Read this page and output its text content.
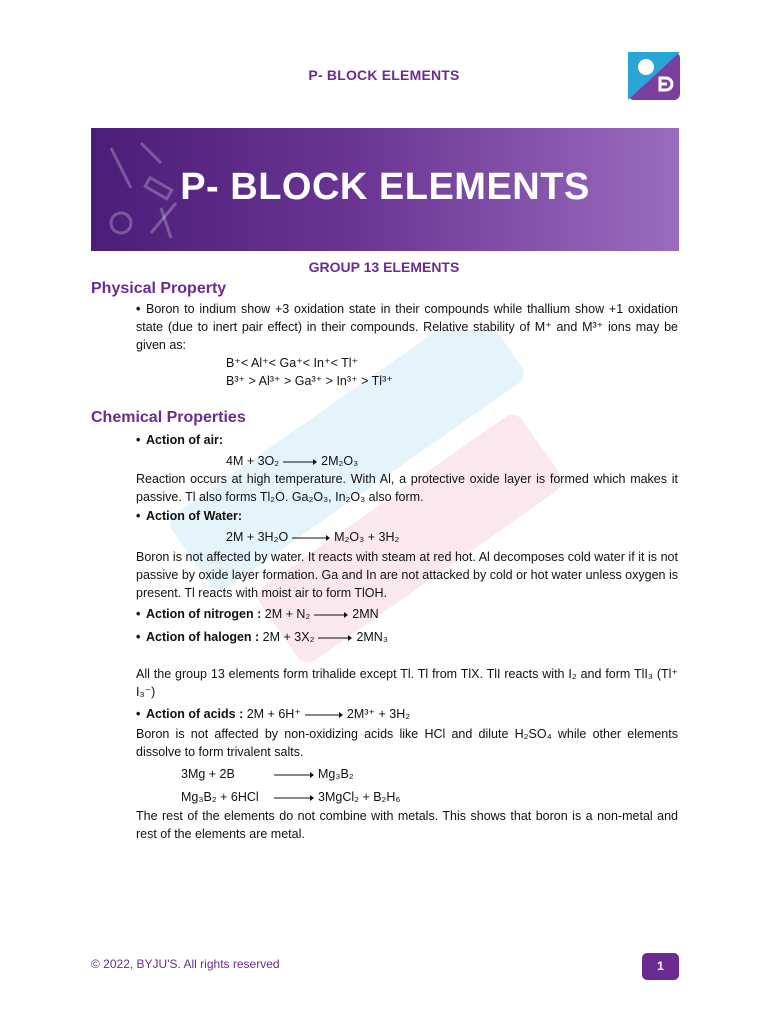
P- BLOCK ELEMENTS
P- BLOCK ELEMENTS
GROUP 13 ELEMENTS
Physical Property
• Boron to indium show +3 oxidation state in their compounds while thallium show +1 oxidation state (due to inert pair effect) in their compounds. Relative stability of M⁺ and M³⁺ ions may be given as:
B⁺< Al⁺< Ga⁺< In⁺< Tl⁺
B³⁺ > Al³⁺ > Ga³⁺ > In³⁺ > Tl³⁺
Chemical Properties
• Action of air:
4M + 3O₂ → 2M₂O₃
Reaction occurs at high temperature. With Al, a protective oxide layer is formed which makes it passive. Tl also forms Tl₂O. Ga₂O₃, In₂O₃ also form.
• Action of Water:
2M + 3H₂O → M₂O₃ + 3H₂
Boron is not affected by water. It reacts with steam at red hot. Al decomposes cold water if it is not passive by oxide layer formation. Ga and In are not attacked by cold or hot water unless oxygen is present. Tl reacts with moist air to form TlOH.
• Action of nitrogen : 2M + N₂ → 2MN
• Action of halogen : 2M + 3X₂ → 2MN₃
All the group 13 elements form trihalide except Tl. Tl from TlX. TlI reacts with I₂ and form TlI₃ (Tl⁺ I₃⁻)
• Action of acids : 2M + 6H⁺ → 2M³⁺ + 3H₂
Boron is not affected by non-oxidizing acids like HCl and dilute H₂SO₄ while other elements dissolve to form trivalent salts.
3Mg + 2B → Mg₃B₂
Mg₃B₂ + 6HCl → 3MgCl₂ + B₂H₆
The rest of the elements do not combine with metals. This shows that boron is a non-metal and rest of the elements are metal.
© 2022, BYJU'S. All rights reserved	1
